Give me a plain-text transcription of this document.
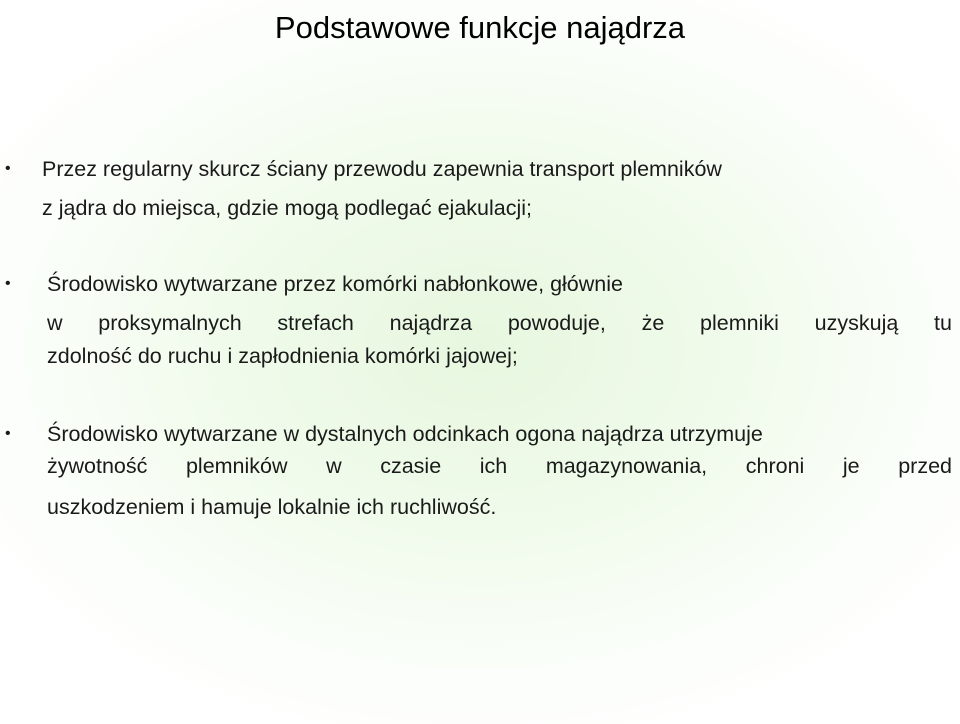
Podstawowe funkcje najądrza
• Przez regularny skurcz ściany przewodu zapewnia transport plemników
z jądra do miejsca, gdzie mogą podlegać ejakulacji;
• Środowisko wytwarzane przez komórki nabłonkowe, głównie
w proksymalnych strefach najądrza powoduje, że plemniki uzyskują tu
zdolność do ruchu i zapłodnienia komórki jajowej;
• Środowisko wytwarzane w dystalnych odcinkach ogona najądrza utrzymuje
żywotność plemników w czasie ich magazynowania, chroni je przed
uszkodzeniem i hamuje lokalnie ich ruchliwość.
